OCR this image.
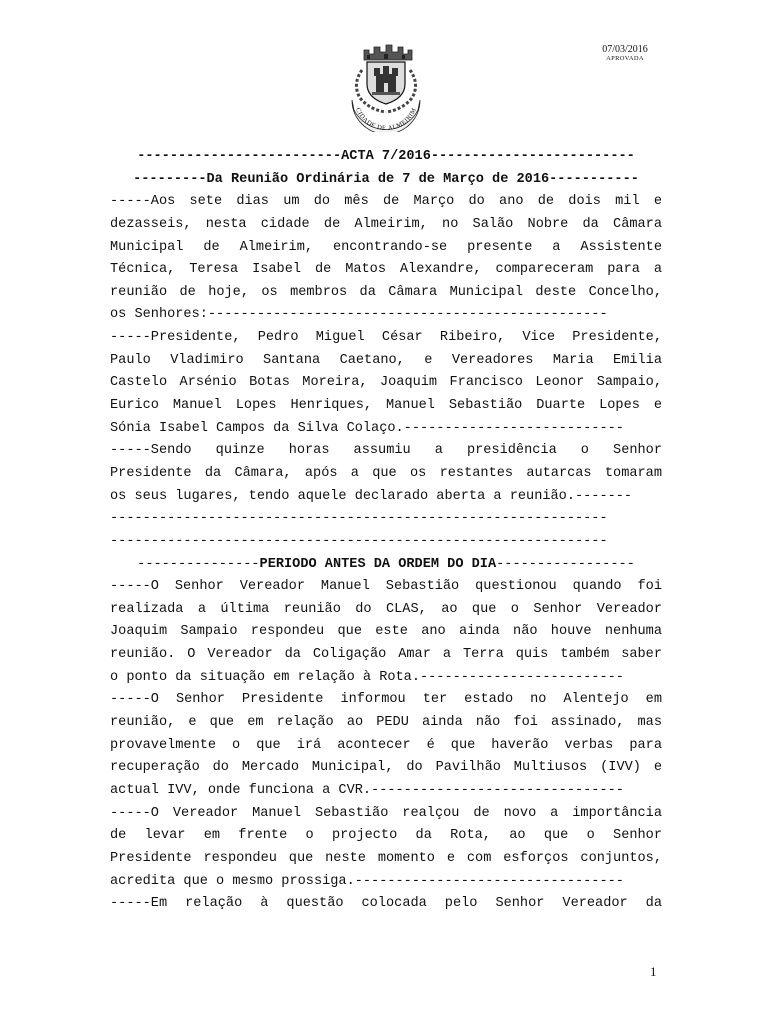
07/03/2016
APROVADA
CIDADE DE ALMEIRIM
-------------------------ACTA 7/2016-------------------------
---------Da Reunião Ordinária de 7 de Março de 2016-----------
-----Aos sete dias um do mês de Março do ano de dois mil e
dezasseis, nesta cidade de Almeirim, no Salão Nobre da Câmara
Municipal de Almeirim, encontrando-se presente a Assistente
Técnica, Teresa Isabel de Matos Alexandre, compareceram para a
reunião de hoje, os membros da Câmara Municipal deste Concelho,
os Senhores:-------------------------------------------------
-----Presidente, Pedro Miguel César Ribeiro, Vice Presidente,
Paulo Vladimiro Santana Caetano, e Vereadores Maria Emilia
Castelo Arsénio Botas Moreira, Joaquim Francisco Leonor Sampaio,
Eurico Manuel Lopes Henriques, Manuel Sebastião Duarte Lopes e
Sónia Isabel Campos da Silva Colaço.---------------------------
-----Sendo quinze horas assumiu a presidência o Senhor
Presidente da Câmara, após a que os restantes autarcas tomaram
os seus lugares, tendo aquele declarado aberta a reunião.-------
-------------------------------------------------------------
-------------------------------------------------------------
---------------PERIODO ANTES DA ORDEM DO DIA-----------------
-----O Senhor Vereador Manuel Sebastião questionou quando foi
realizada a última reunião do CLAS, ao que o Senhor Vereador
Joaquim Sampaio respondeu que este ano ainda não houve nenhuma
reunião. O Vereador da Coligação Amar a Terra quis também saber
o ponto da situação em relação à Rota.-------------------------
-----O Senhor Presidente informou ter estado no Alentejo em
reunião, e que em relação ao PEDU ainda não foi assinado, mas
provavelmente o que irá acontecer é que haverão verbas para
recuperação do Mercado Municipal, do Pavilhão Multiusos (IVV) e
actual IVV, onde funciona a CVR.-------------------------------
-----O Vereador Manuel Sebastião realçou de novo a importância
de levar em frente o projecto da Rota, ao que o Senhor
Presidente respondeu que neste momento e com esforços conjuntos,
acredita que o mesmo prossiga.---------------------------------
-----Em relação à questão colocada pelo Senhor Vereador da
1
